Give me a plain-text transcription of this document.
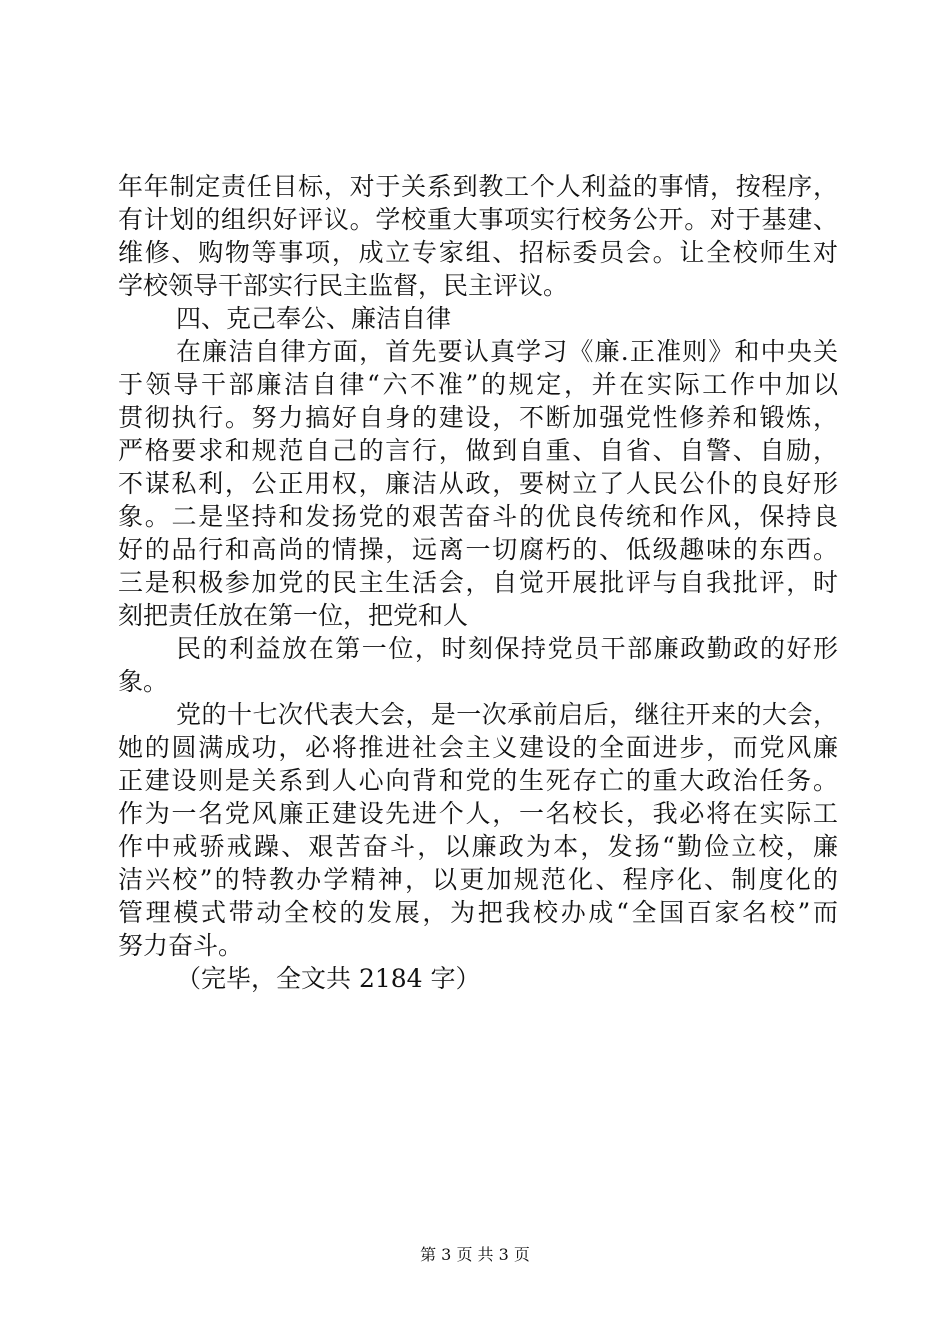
年年制定责任目标，对于关系到教工个人利益的事情，按程序，
有计划的组织好评议。学校重大事项实行校务公开。对于基建、
维修、购物等事项，成立专家组、招标委员会。让全校师生对
学校领导干部实行民主监督，民主评议。
四、克己奉公、廉洁自律
在廉洁自律方面，首先要认真学习《廉.正准则》和中央关
于领导干部廉洁自律“六不准”的规定，并在实际工作中加以
贯彻执行。努力搞好自身的建设，不断加强党性修养和锻炼，
严格要求和规范自己的言行，做到自重、自省、自警、自励，
不谋私利，公正用权，廉洁从政，要树立了人民公仆的良好形
象。二是坚持和发扬党的艰苦奋斗的优良传统和作风，保持良
好的品行和高尚的情操，远离一切腐朽的、低级趣味的东西。
三是积极参加党的民主生活会，自觉开展批评与自我批评，时
刻把责任放在第一位，把党和人
民的利益放在第一位，时刻保持党员干部廉政勤政的好形
象。
党的十七次代表大会，是一次承前启后，继往开来的大会，
她的圆满成功，必将推进社会主义建设的全面进步，而党风廉
正建设则是关系到人心向背和党的生死存亡的重大政治任务。
作为一名党风廉正建设先进个人，一名校长，我必将在实际工
作中戒骄戒躁、艰苦奋斗，以廉政为本，发扬“勤俭立校，廉
洁兴校”的特教办学精神，以更加规范化、程序化、制度化的
管理模式带动全校的发展，为把我校办成“全国百家名校”而
努力奋斗。
（完毕，全文共 2184 字）
第 3 页 共 3 页
